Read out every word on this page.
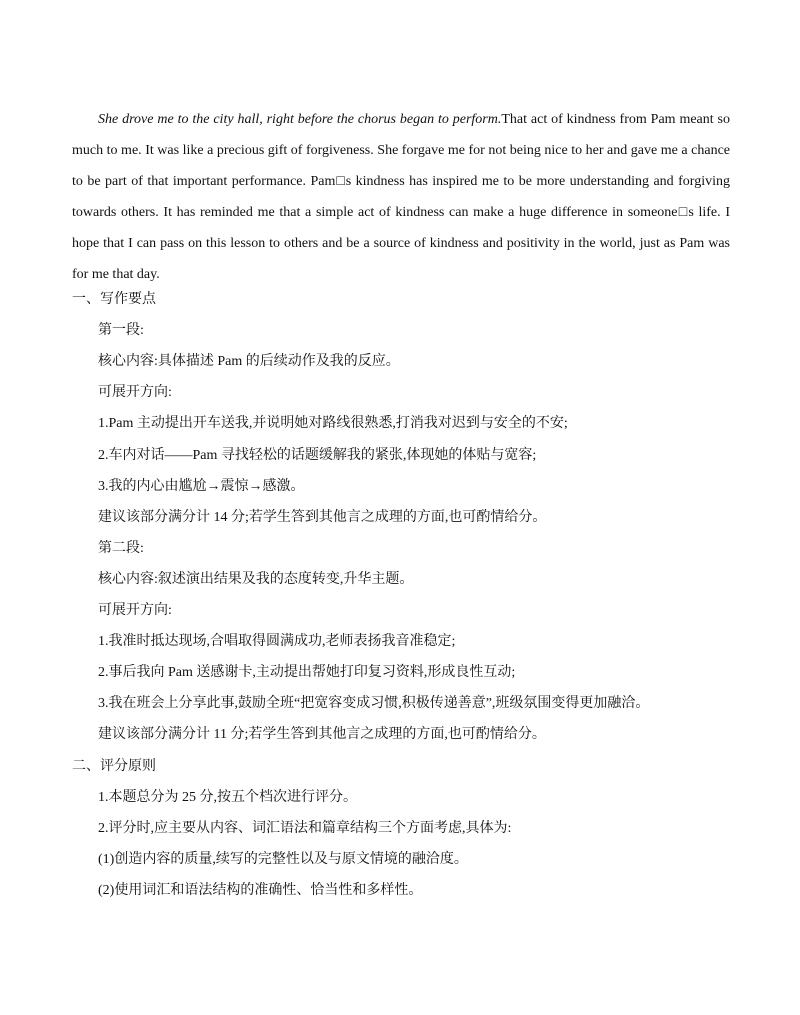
She drove me to the city hall, right before the chorus began to perform.That act of kindness from Pam meant so much to me. It was like a precious gift of forgiveness. She forgave me for not being nice to her and gave me a chance to be part of that important performance. Pam□s kindness has inspired me to be more understanding and forgiving towards others. It has reminded me that a simple act of kindness can make a huge difference in someone□s life. I hope that I can pass on this lesson to others and be a source of kindness and positivity in the world, just as Pam was for me that day.

一、写作要点
第一段:
核心内容:具体描述 Pam 的后续动作及我的反应。
可展开方向:
1.Pam 主动提出开车送我,并说明她对路线很熟悉,打消我对迟到与安全的不安;
2.车内对话——Pam 寻找轻松的话题缓解我的紧张,体现她的体贴与宽容;
3.我的内心由尴尬→震惊→感激。
建议该部分满分计 14 分;若学生答到其他言之成理的方面,也可酌情给分。
第二段:
核心内容:叙述演出结果及我的态度转变,升华主题。
可展开方向:
1.我准时抵达现场,合唱取得圆满成功,老师表扬我音准稳定;
2.事后我向 Pam 送感谢卡,主动提出帮她打印复习资料,形成良性互动;
3.我在班会上分享此事,鼓励全班“把宽容变成习惯,积极传递善意”,班级氛围变得更加融洽。
建议该部分满分计 11 分;若学生答到其他言之成理的方面,也可酌情给分。
二、评分原则
1.本题总分为 25 分,按五个档次进行评分。
2.评分时,应主要从内容、词汇语法和篇章结构三个方面考虑,具体为:
(1)创造内容的质量,续写的完整性以及与原文情境的融洽度。
(2)使用词汇和语法结构的准确性、恰当性和多样性。
